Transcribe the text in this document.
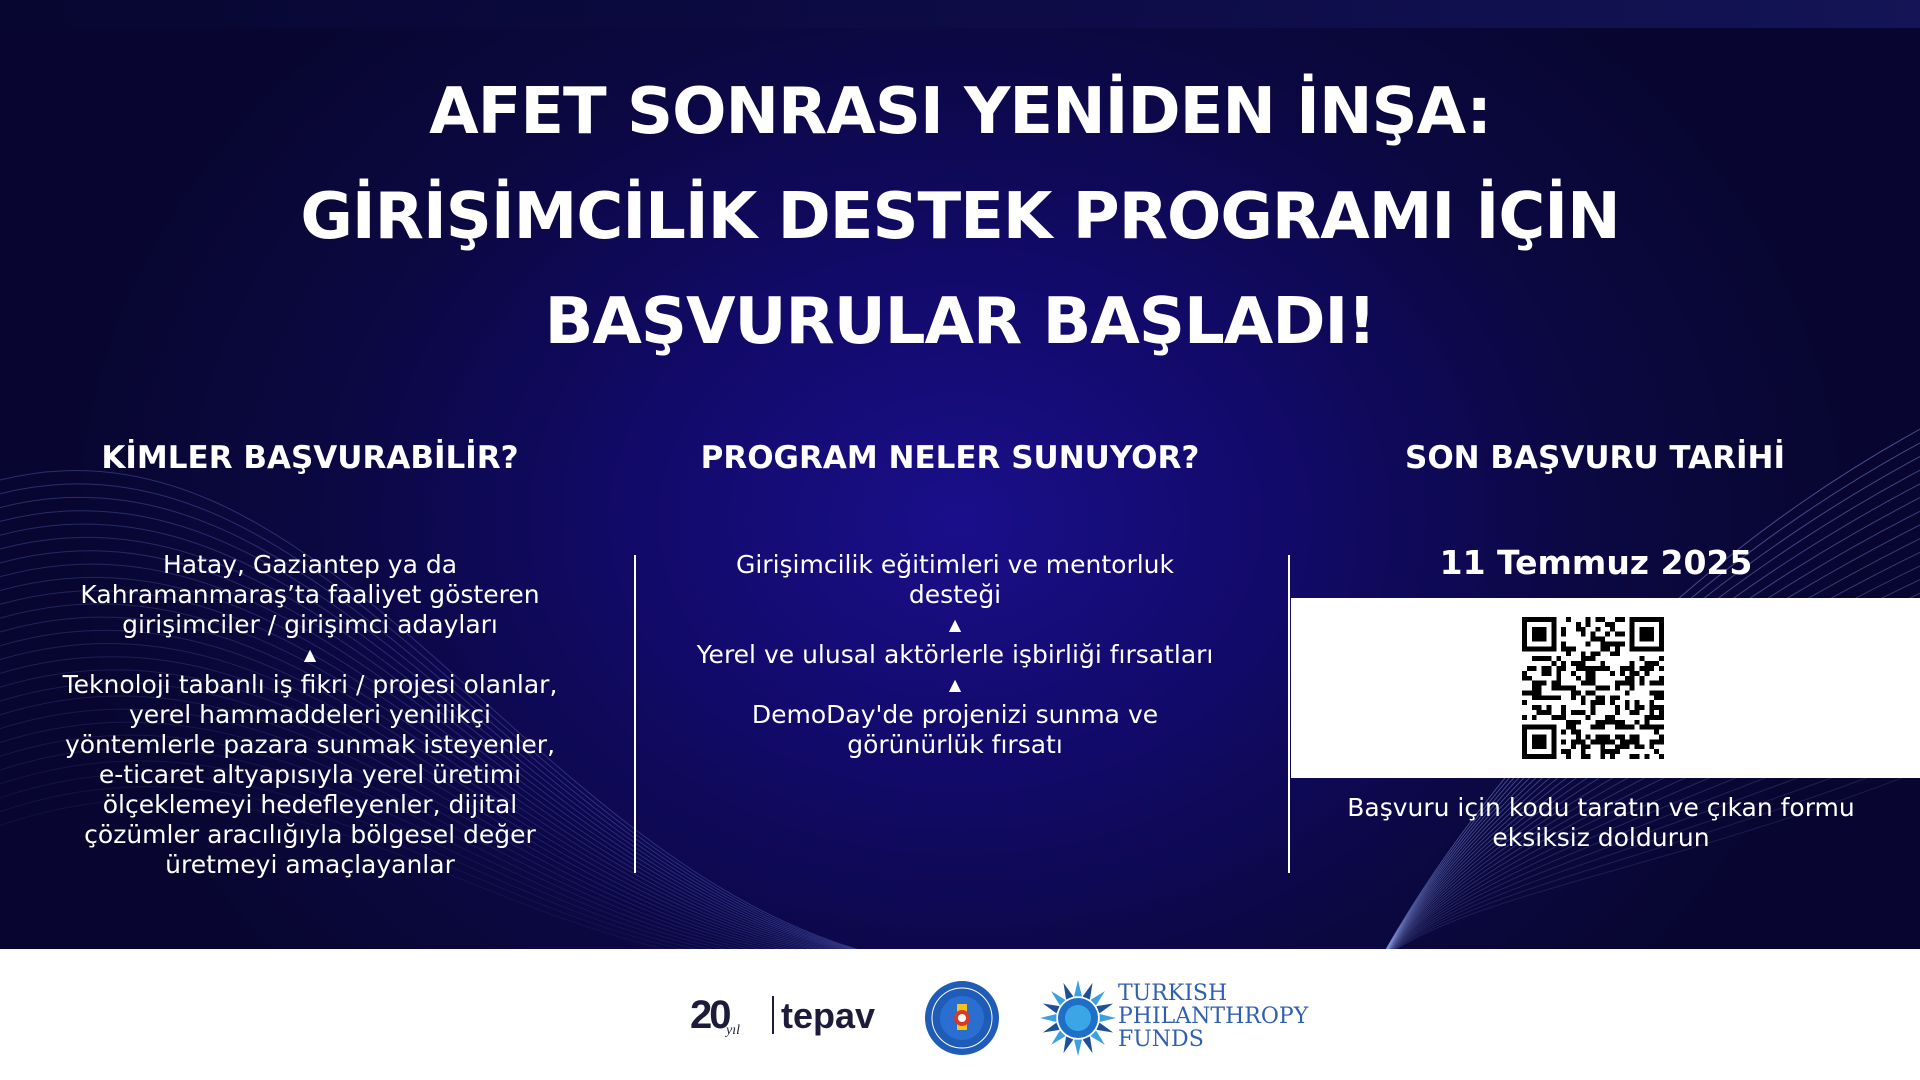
AFET SONRASI YENİDEN İNŞA:
GİRİŞİMCİLİK DESTEK PROGRAMI İÇİN
BAŞVURULAR BAŞLADI!
KİMLER BAŞVURABİLİR?
Hatay, Gaziantep ya da
Kahramanmaraş’ta faaliyet gösteren
girişimciler / girişimci adayları
▲
Teknoloji tabanlı iş fikri / projesi olanlar,
yerel hammaddeleri yenilikçi
yöntemlerle pazara sunmak isteyenler,
e-ticaret altyapısıyla yerel üretimi
ölçeklemeyi hedefleyenler, dijital
çözümler aracılığıyla bölgesel değer
üretmeyi amaçlayanlar
PROGRAM NELER SUNUYOR?
Girişimcilik eğitimleri ve mentorluk
desteği
▲
Yerel ve ulusal aktörlerle işbirliği fırsatları
▲
DemoDay'de projenizi sunma ve
görünürlük fırsatı
SON BAŞVURU TARİHİ
11 Temmuz 2025
Başvuru için kodu taratın ve çıkan formu
eksiksiz doldurun
20
yıl tepav
TURKISH
PHILANTHROPY
FUNDS
